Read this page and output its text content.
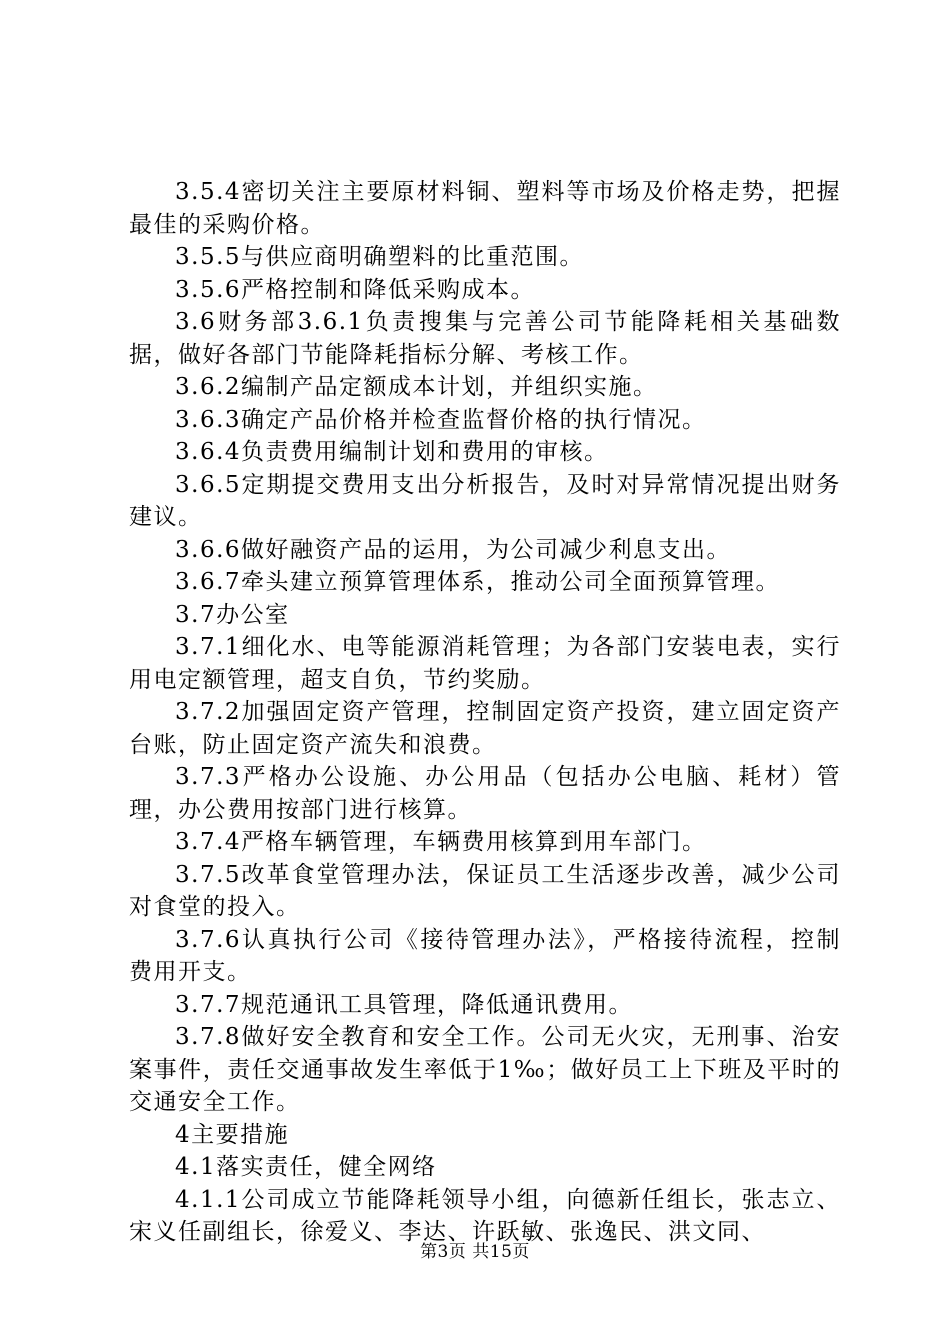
3.5.4密切关注主要原材料铜、塑料等市场及价格走势，把握最佳的采购价格。

3.5.5与供应商明确塑料的比重范围。

3.5.6严格控制和降低采购成本。

3.6财务部3.6.1负责搜集与完善公司节能降耗相关基础数据，做好各部门节能降耗指标分解、考核工作。

3.6.2编制产品定额成本计划，并组织实施。

3.6.3确定产品价格并检查监督价格的执行情况。

3.6.4负责费用编制计划和费用的审核。

3.6.5定期提交费用支出分析报告，及时对异常情况提出财务建议。

3.6.6做好融资产品的运用，为公司减少利息支出。

3.6.7牵头建立预算管理体系，推动公司全面预算管理。

3.7办公室

3.7.1细化水、电等能源消耗管理；为各部门安装电表，实行用电定额管理，超支自负，节约奖励。

3.7.2加强固定资产管理，控制固定资产投资，建立固定资产台账，防止固定资产流失和浪费。

3.7.3严格办公设施、办公用品（包括办公电脑、耗材）管理，办公费用按部门进行核算。

3.7.4严格车辆管理，车辆费用核算到用车部门。

3.7.5改革食堂管理办法，保证员工生活逐步改善，减少公司对食堂的投入。

3.7.6认真执行公司《接待管理办法》，严格接待流程，控制费用开支。

3.7.7规范通讯工具管理，降低通讯费用。

3.7.8做好安全教育和安全工作。公司无火灾，无刑事、治安案事件，责任交通事故发生率低于1‰；做好员工上下班及平时的交通安全工作。

4主要措施

4.1落实责任，健全网络

4.1.1公司成立节能降耗领导小组，向德新任组长，张志立、宋义任副组长，徐爱义、李达、许跃敏、张逸民、洪文同、

第3页 共15页
